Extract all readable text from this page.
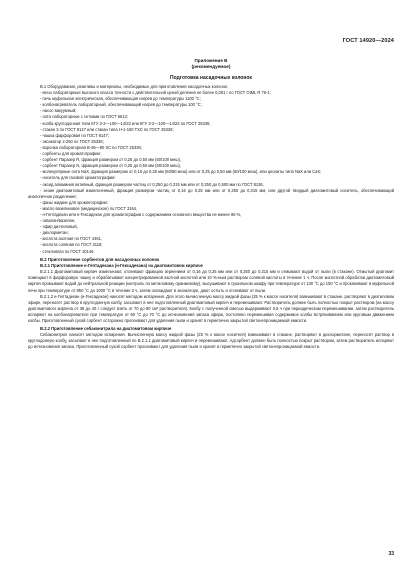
ГОСТ 14920—2024
Приложение В
(рекомендуемое)
Подготовка насадочных колонок

В.1 Оборудование, реактивы и материалы, необходимые для приготовления насадочных колонок:

- весы лабораторные высокого класса точности с действительной ценой деления не более 0,001 г по ГОСТ OIML R 76-1;

- печь муфельная электрическая, обеспечивающая нагрев до температуры 1100 °С;

- колбонагреватель лабораторный, обеспечивающий нагрев до температуры 100 °С;

- насос вакуумный;

- сита лабораторные с сетками по ГОСТ 6613;

- колба круглодонная типа КГУ 2-2—100—14/23 или КГУ 3-2—100—14/23 по ГОСТ 25336;

- стакан 3 по ГОСТ 9147 или стакан типа Н-1-150 ТХС по ГОСТ 25336;

- чашка фарфоровая по ГОСТ 9147;

- эксикатор 2-250 по ГОСТ 25336;

- воронка лабораторная В-36—80 ХС по ГОСТ 25336;

- сорбенты для хроматографии:

- сорбент Паразер R, фракция размером от 0,25 до 0,50 мм (60/100 меш),

- сорбент Паразер N, фракция размером от 0,25 до 0,50 мм (60/100 меш),

- молекулярные сита NaX, фракция размером от 0,16 до 0,25 мм (60/80 меш) или от 0,25 до 0,50 мм (60/100 меш), или цеолиты типа NaX или CaX;

- носитель для газовой хроматографии:

- оксид алюминия активный, фракция размером частиц от 0,250 до 0,315 мм или от 0,250 до 0,500 мм по ГОСТ 8136,

- хезин диатомитовый измельченный, фракция размером частиц от 0,16 до 0,25 мм или от 0,250 до 0,315 мм, или другой твердый диатомитовый носитель, обеспечивающий аналогичное разделение;

- фазы жидкие для хроматографии:

- масло вазелиновое (медицинское) по ГОСТ 3164,

- н-Гептадекан или н-Гексадекан для хроматографии с содержанием основного вещества не менее 95 %,

- сквалан/вазелин,

- эфир диэтиловый,

- дихлорметан;

- кислота азотная по ГОСТ 4461,

- кислота соляная по ГОСТ 3118;

- стекловата по ГОСТ 10146.

В.2 Приготовление сорбентов для насадочных колонок
В.2.1 Приготовление н-Гептадекана (н-Гексадекана) на диатомитовом кирпиче

В.2.1.1 Диатомитовый кирпич измельчают, отсеивают фракцию зернением от 0,16 до 0,25 мм или от 0,250 до 0,315 мм и отмывают водой от пыли (в стакане). Отмытый диатомит помещают в фарфоровую чашку и обрабатывают концентрированной азотной кислотой или 10 %-ным раствором соляной кислоты в течение 1 ч. После кислотной обработки диатомитовый кирпич промывают водой до нейтральной реакции (контроль по метиловому оранжевому), высушивают в сушильном шкафу при температуре от 130 °С до 150 °С и прокаливают в муфельной печи при температуре от 950 °С до 1000 °С в течение 3 ч, затем охлаждают в эксикаторе, дают остыть и отсеивают от пыли.

В.2.1.2 н-Гептадекан (н-Гексадекан) наносят методом испарения. Для этого вычисленную массу жидкой фазы (25 % к массе носителя) взвешивают в стакане, растворяют в диэтиловом эфире, переносят раствор в круглодонную колбу, засыпают в нее подготовленный диатомитовый кирпич и перемешивают. Растворитель должен быть полностью покрыт раствором (на массу диатомитового кирпича от 38 до 40 г следует взять от 70 до 80 см³ растворителя). Колбу с полученной смесью выдерживают 0,5 ч при периодическом перемешивании, затем растворитель испаряют на колбонагревателе при температуре от 60 °С до 70 °С до исчезновения запаха эфира, постоянно перемешивая содержимое колбы встряхиванием или круговым движением колбы. Приготовленный сухой сорбент осторожно просеивают для удаления пыли и хранят в герметично закрытой светонепроницаемой емкости.

В.2.2 Приготовление себаконитрила на диатомитовом кирпиче

Себаконитрил наносят методом испарения. Вычисленную массу жидкой фазы (25 % к массе носителя) взвешивают в стакане, растворяют в дихлорметане, переносят раствор в круглодонную колбу, засыпают в нее подготовленный по В.2.1.1 диатомитовый кирпич и перемешивают. Адсорбент должен быть полностью покрыт раствором, затем растворитель испаряют до исчезновения запаха. Приготовленный сухой сорбент просеивают для удаления пыли и хранят в герметично закрытой светонепроницаемой емкости.

33
